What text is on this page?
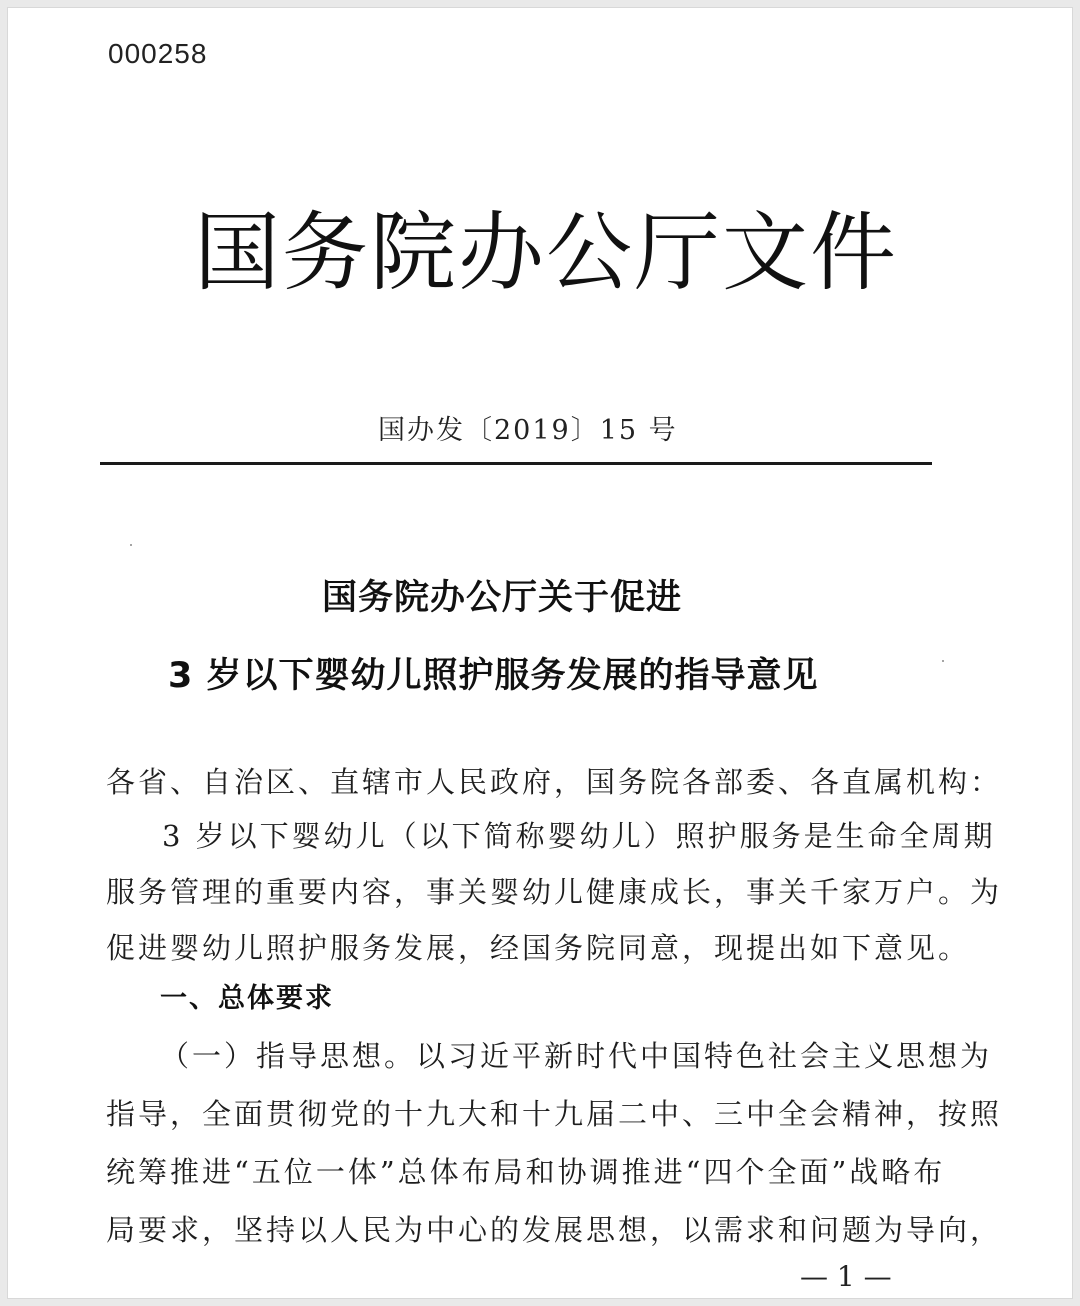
000258
国务院办公厅文件
国办发〔2019〕15 号
国务院办公厅关于促进
3 岁以下婴幼儿照护服务发展的指导意见
各省、自治区、直辖市人民政府，国务院各部委、各直属机构：
3 岁以下婴幼儿（以下简称婴幼儿）照护服务是生命全周期
服务管理的重要内容，事关婴幼儿健康成长，事关千家万户。为
促进婴幼儿照护服务发展，经国务院同意，现提出如下意见。
一、总体要求
（一）指导思想。以习近平新时代中国特色社会主义思想为
指导，全面贯彻党的十九大和十九届二中、三中全会精神，按照
统筹推进“五位一体”总体布局和协调推进“四个全面”战略布
局要求，坚持以人民为中心的发展思想，以需求和问题为导向，
— 1 —
